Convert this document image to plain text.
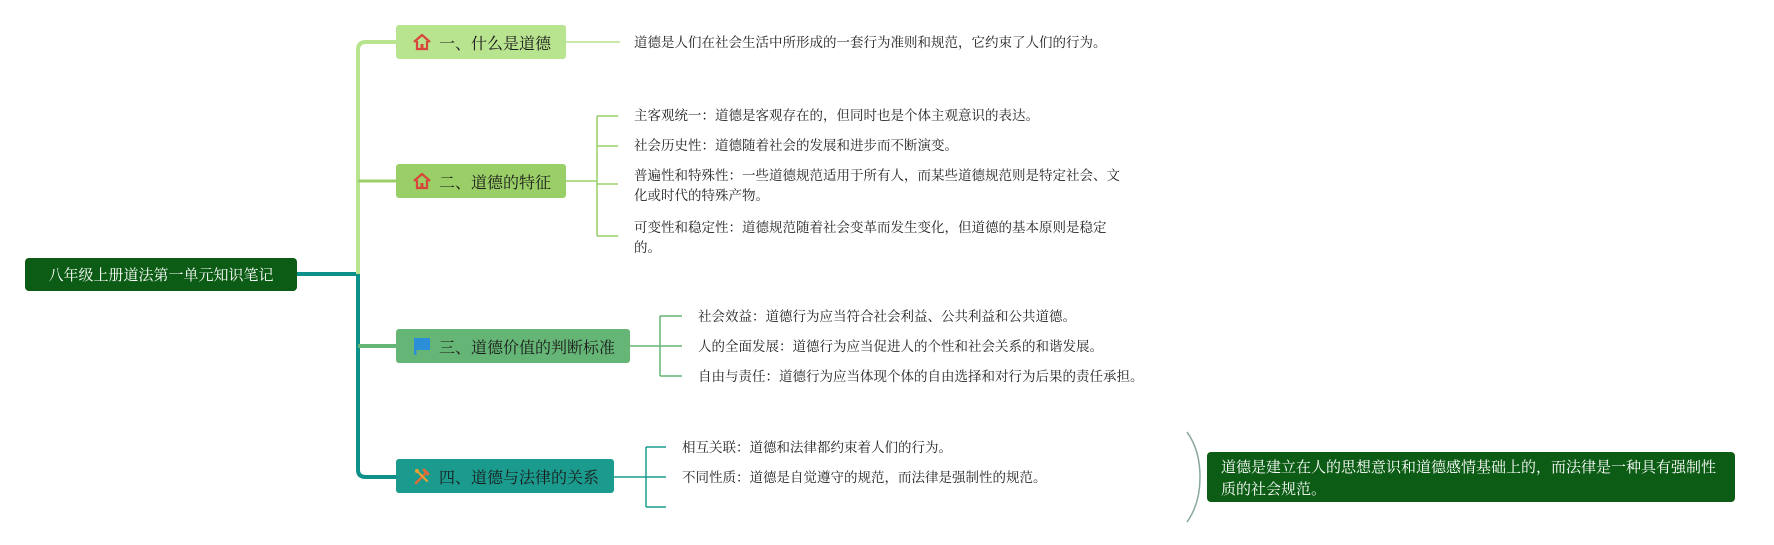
八年级上册道法第一单元知识笔记
一、什么是道德
二、道德的特征
三、道德价值的判断标准
四、道德与法律的关系
道德是人们在社会生活中所形成的一套行为准则和规范，它约束了人们的行为。
主客观统一：道德是客观存在的，但同时也是个体主观意识的表达。
社会历史性：道德随着社会的发展和进步而不断演变。
普遍性和特殊性：一些道德规范适用于所有人，而某些道德规范则是特定社会、文化或时代的特殊产物。
可变性和稳定性：道德规范随着社会变革而发生变化，但道德的基本原则是稳定的。
社会效益：道德行为应当符合社会利益、公共利益和公共道德。
人的全面发展：道德行为应当促进人的个性和社会关系的和谐发展。
自由与责任：道德行为应当体现个体的自由选择和对行为后果的责任承担。
相互关联：道德和法律都约束着人们的行为。
不同性质：道德是自觉遵守的规范，而法律是强制性的规范。
道德是建立在人的思想意识和道德感情基础上的，而法律是一种具有强制性质的社会规范。
